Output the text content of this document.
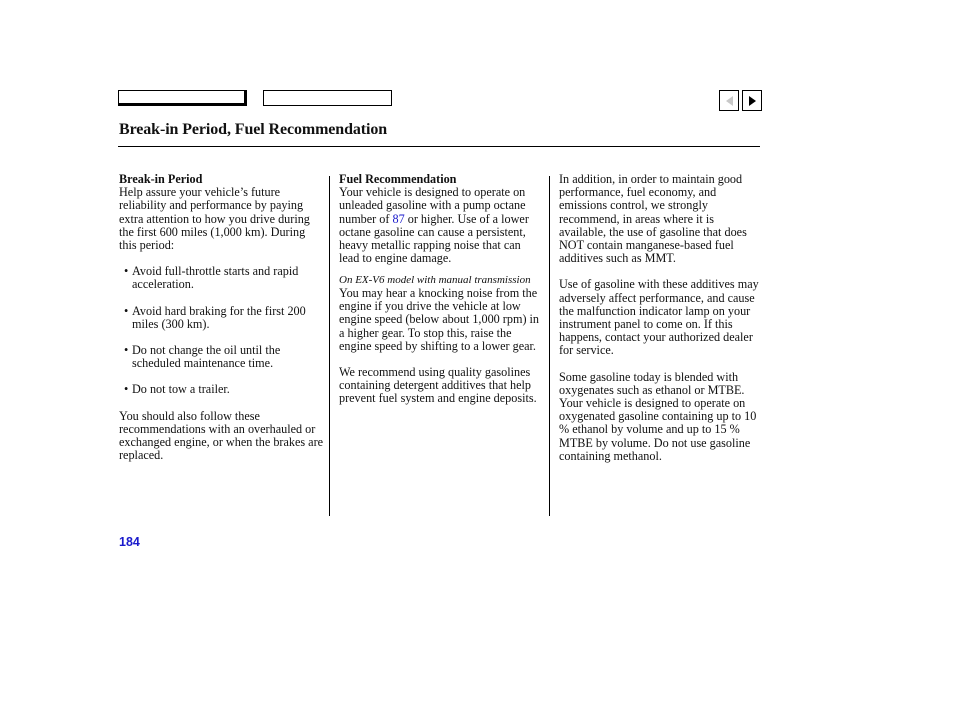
Break-in Period, Fuel Recommendation

Break-in Period

Help assure your vehicle’s future reliability and performance by paying extra attention to how you drive during the first 600 miles (1,000 km). During this period:

• Avoid full-throttle starts and rapid acceleration.

• Avoid hard braking for the first 200 miles (300 km).

• Do not change the oil until the scheduled maintenance time.

• Do not tow a trailer.

You should also follow these recommendations with an overhauled or exchanged engine, or when the brakes are replaced.

Fuel Recommendation

Your vehicle is designed to operate on unleaded gasoline with a pump octane number of 87 or higher. Use of a lower octane gasoline can cause a persistent, heavy metallic rapping noise that can lead to engine damage.

On EX-V6 model with manual transmission

You may hear a knocking noise from the engine if you drive the vehicle at low engine speed (below about 1,000 rpm) in a higher gear. To stop this, raise the engine speed by shifting to a lower gear.

We recommend using quality gasolines containing detergent additives that help prevent fuel system and engine deposits.

In addition, in order to maintain good performance, fuel economy, and emissions control, we strongly recommend, in areas where it is available, the use of gasoline that does NOT contain manganese-based fuel additives such as MMT.

Use of gasoline with these additives may adversely affect performance, and cause the malfunction indicator lamp on your instrument panel to come on. If this happens, contact your authorized dealer for service.

Some gasoline today is blended with oxygenates such as ethanol or MTBE. Your vehicle is designed to operate on oxygenated gasoline containing up to 10 % ethanol by volume and up to 15 % MTBE by volume. Do not use gasoline containing methanol.

184
